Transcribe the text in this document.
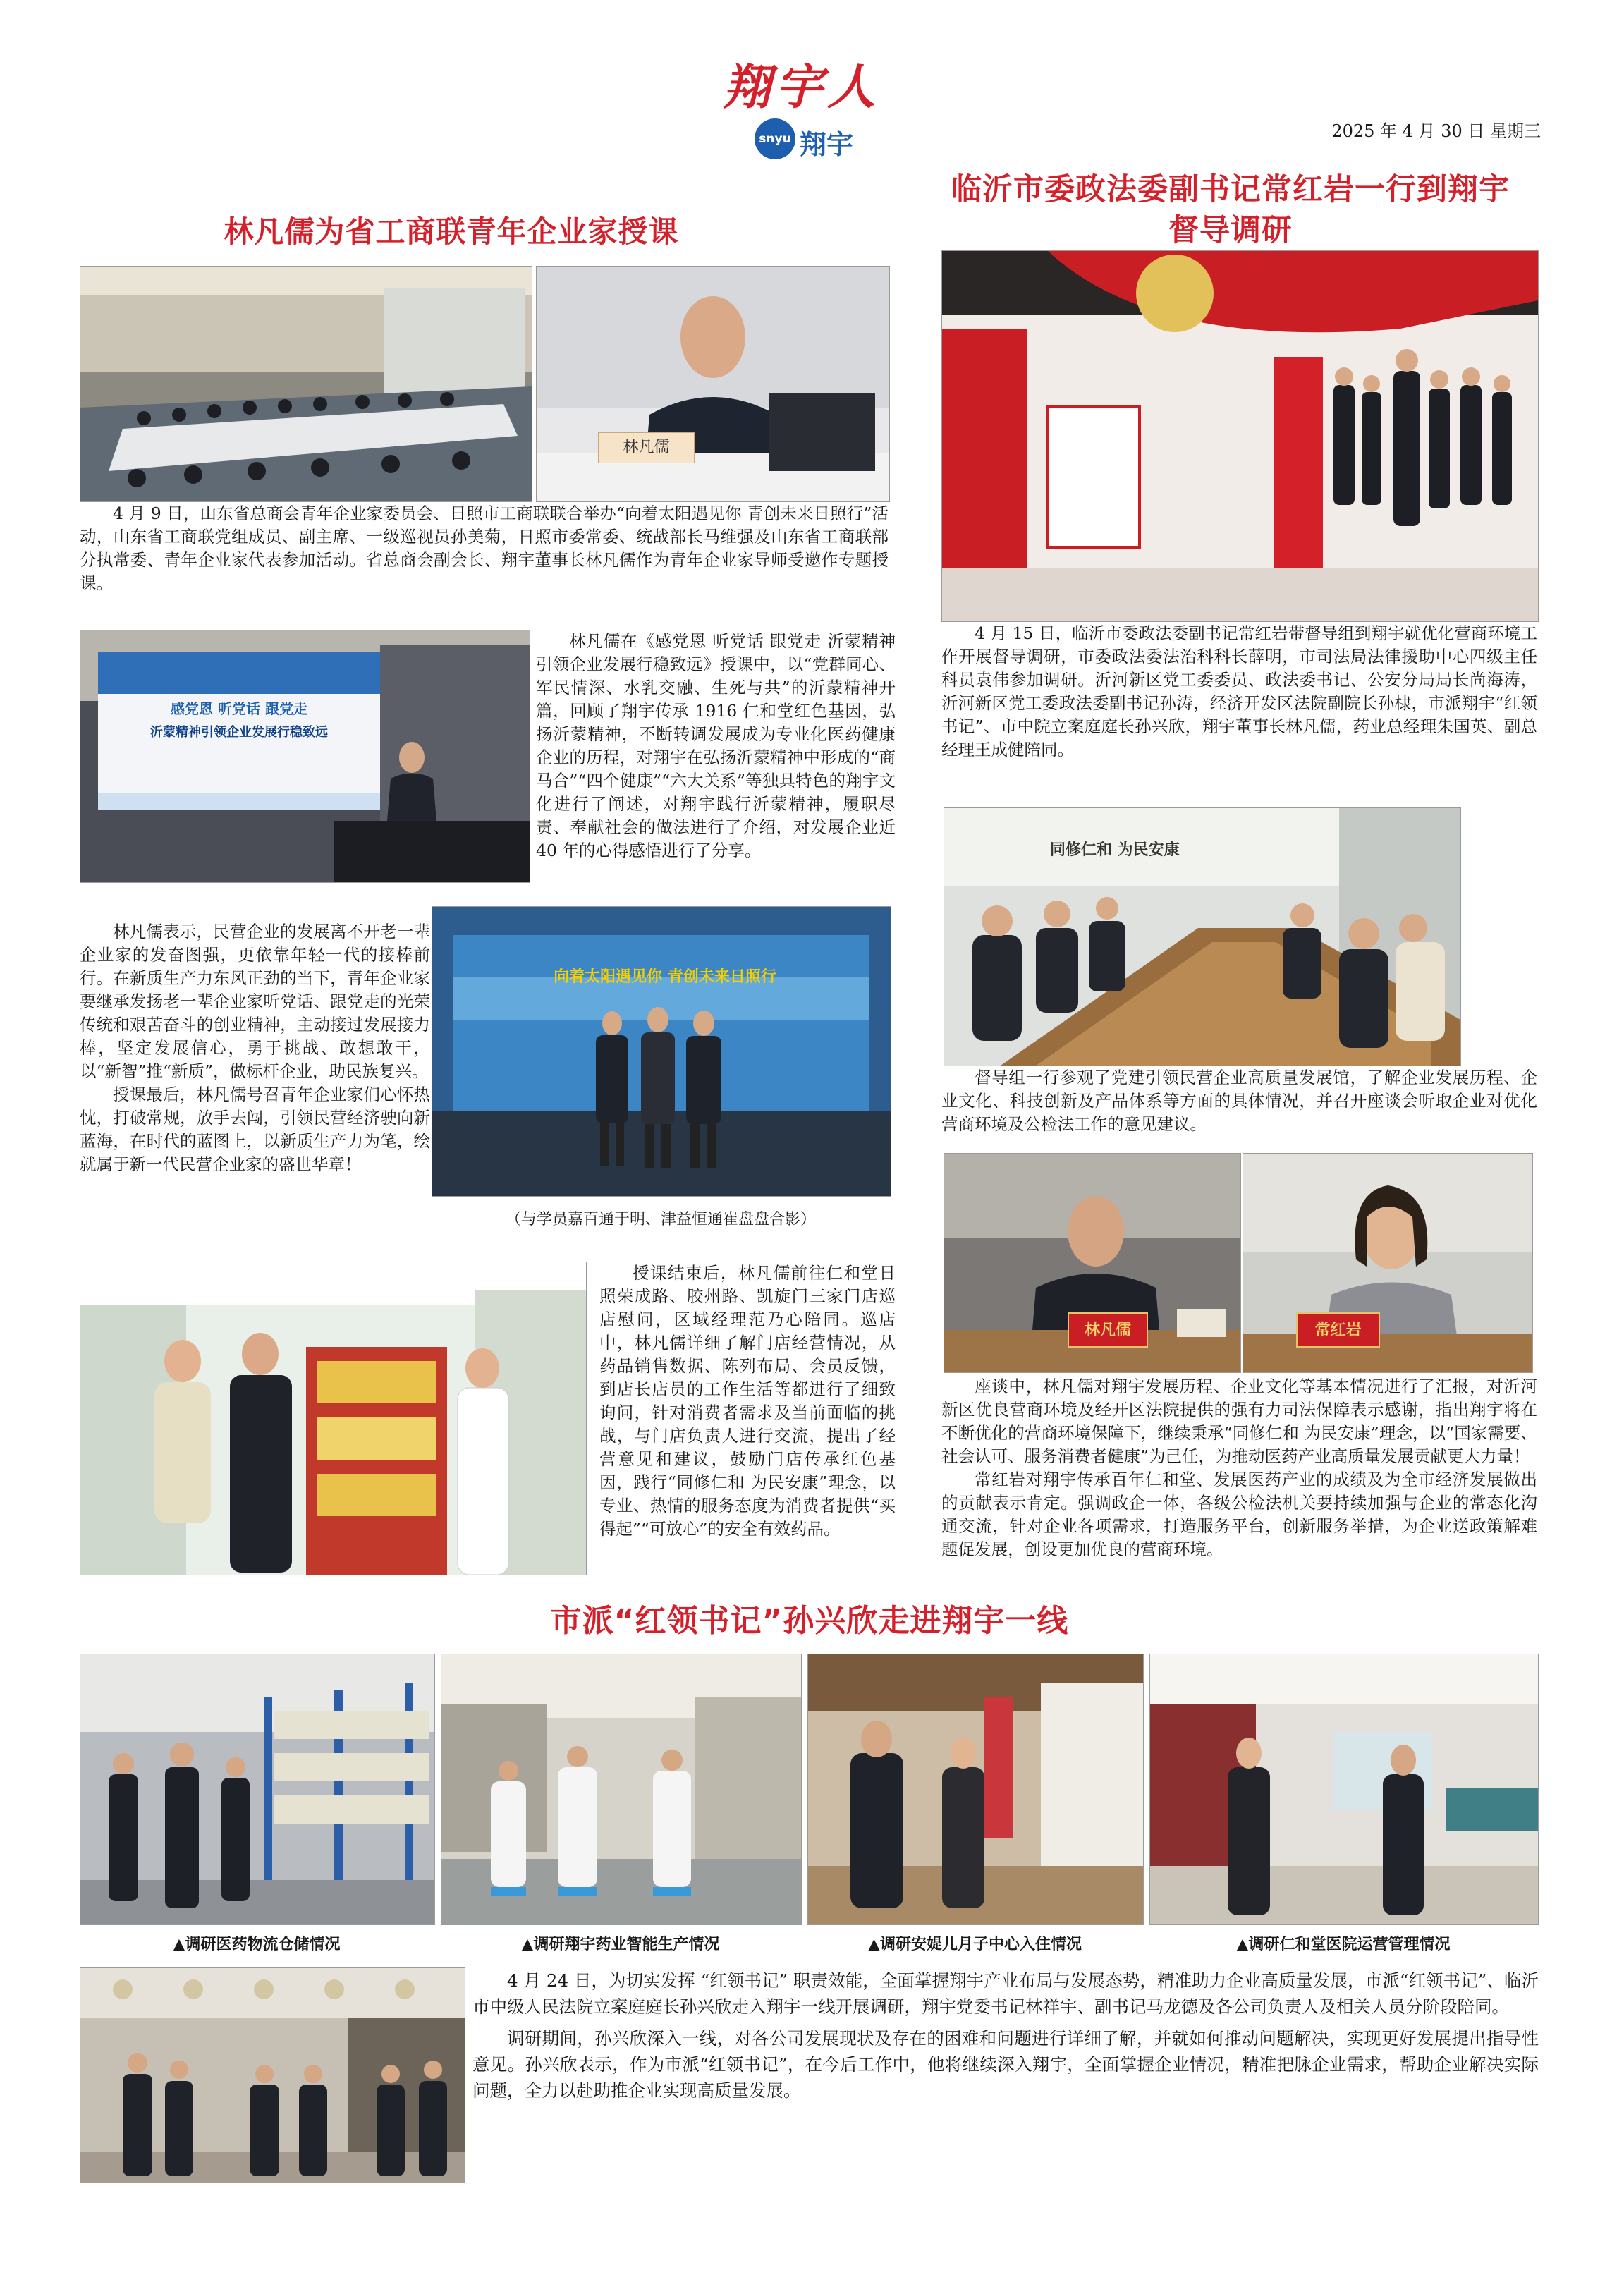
翔宇人
snyu 翔宇	2025 年 4 月 30 日 星期三
林凡儒为省工商联青年企业家授课
林凡儒

4 月 9 日，山东省总商会青年企业家委员会、日照市工商联联合举办“向着太阳遇见你 青创未来日照行”活动，山东省工商联党组成员、副主席、一级巡视员孙美菊，日照市委常委、统战部长马维强及山东省工商联部分执常委、青年企业家代表参加活动。省总商会副会长、翔宇董事长林凡儒作为青年企业家导师受邀作专题授课。

感党恩 听党话 跟党走
沂蒙精神引领企业发展行稳致远

林凡儒在《感党恩 听党话 跟党走 沂蒙精神引领企业发展行稳致远》授课中，以“党群同心、军民情深、水乳交融、生死与共”的沂蒙精神开篇，回顾了翔宇传承 1916 仁和堂红色基因，弘扬沂蒙精神，不断转调发展成为专业化医药健康企业的历程，对翔宇在弘扬沂蒙精神中形成的“商马合”“四个健康”“六大关系”等独具特色的翔宇文化进行了阐述，对翔宇践行沂蒙精神，履职尽责、奉献社会的做法进行了介绍，对发展企业近 40 年的心得感悟进行了分享。

林凡儒表示，民营企业的发展离不开老一辈企业家的发奋图强，更依靠年轻一代的接棒前行。在新质生产力东风正劲的当下，青年企业家要继承发扬老一辈企业家听党话、跟党走的光荣传统和艰苦奋斗的创业精神，主动接过发展接力棒，坚定发展信心，勇于挑战、敢想敢干，以“新智”推“新质”，做标杆企业，助民族复兴。

授课最后，林凡儒号召青年企业家们心怀热忱，打破常规，放手去闯，引领民营经济驶向新蓝海，在时代的蓝图上，以新质生产力为笔，绘就属于新一代民营企业家的盛世华章！

向着太阳遇见你 青创未来日照行
（与学员嘉百通于明、津益恒通崔盘盘合影）

授课结束后，林凡儒前往仁和堂日照荣成路、胶州路、凯旋门三家门店巡店慰问，区域经理范乃心陪同。巡店中，林凡儒详细了解门店经营情况，从药品销售数据、陈列布局、会员反馈，到店长店员的工作生活等都进行了细致询问，针对消费者需求及当前面临的挑战，与门店负责人进行交流，提出了经营意见和建议，鼓励门店传承红色基因，践行“同修仁和 为民安康”理念，以专业、热情的服务态度为消费者提供“买得起”“可放心”的安全有效药品。

临沂市委政法委副书记常红岩一行到翔宇
督导调研

4 月 15 日，临沂市委政法委副书记常红岩带督导组到翔宇就优化营商环境工作开展督导调研，市委政法委法治科科长薛明，市司法局法律援助中心四级主任科员袁伟参加调研。沂河新区党工委委员、政法委书记、公安分局局长尚海涛，沂河新区党工委政法委副书记孙涛，经济开发区法院副院长孙棣，市派翔宇“红领书记”、市中院立案庭庭长孙兴欣，翔宇董事长林凡儒，药业总经理朱国英、副总经理王成健陪同。

同修仁和 为民安康

督导组一行参观了党建引领民营企业高质量发展馆，了解企业发展历程、企业文化、科技创新及产品体系等方面的具体情况，并召开座谈会听取企业对优化营商环境及公检法工作的意见建议。

林凡儒	常红岩

座谈中，林凡儒对翔宇发展历程、企业文化等基本情况进行了汇报，对沂河新区优良营商环境及经开区法院提供的强有力司法保障表示感谢，指出翔宇将在不断优化的营商环境保障下，继续秉承“同修仁和 为民安康”理念，以“国家需要、社会认可、服务消费者健康”为己任，为推动医药产业高质量发展贡献更大力量！

常红岩对翔宇传承百年仁和堂、发展医药产业的成绩及为全市经济发展做出的贡献表示肯定。强调政企一体，各级公检法机关要持续加强与企业的常态化沟通交流，针对企业各项需求，打造服务平台，创新服务举措，为企业送政策解难题促发展，创设更加优良的营商环境。

市派“红领书记”孙兴欣走进翔宇一线
▲调研医药物流仓储情况	▲调研翔宇药业智能生产情况	▲调研安媞儿月子中心入住情况	▲调研仁和堂医院运营管理情况

4 月 24 日，为切实发挥 “红领书记” 职责效能，全面掌握翔宇产业布局与发展态势，精准助力企业高质量发展，市派“红领书记”、临沂市中级人民法院立案庭庭长孙兴欣走入翔宇一线开展调研，翔宇党委书记林祥宇、副书记马龙德及各公司负责人及相关人员分阶段陪同。

调研期间，孙兴欣深入一线，对各公司发展现状及存在的困难和问题进行详细了解，并就如何推动问题解决，实现更好发展提出指导性意见。孙兴欣表示，作为市派“红领书记”，在今后工作中，他将继续深入翔宇，全面掌握企业情况，精准把脉企业需求，帮助企业解决实际问题，全力以赴助推企业实现高质量发展。
